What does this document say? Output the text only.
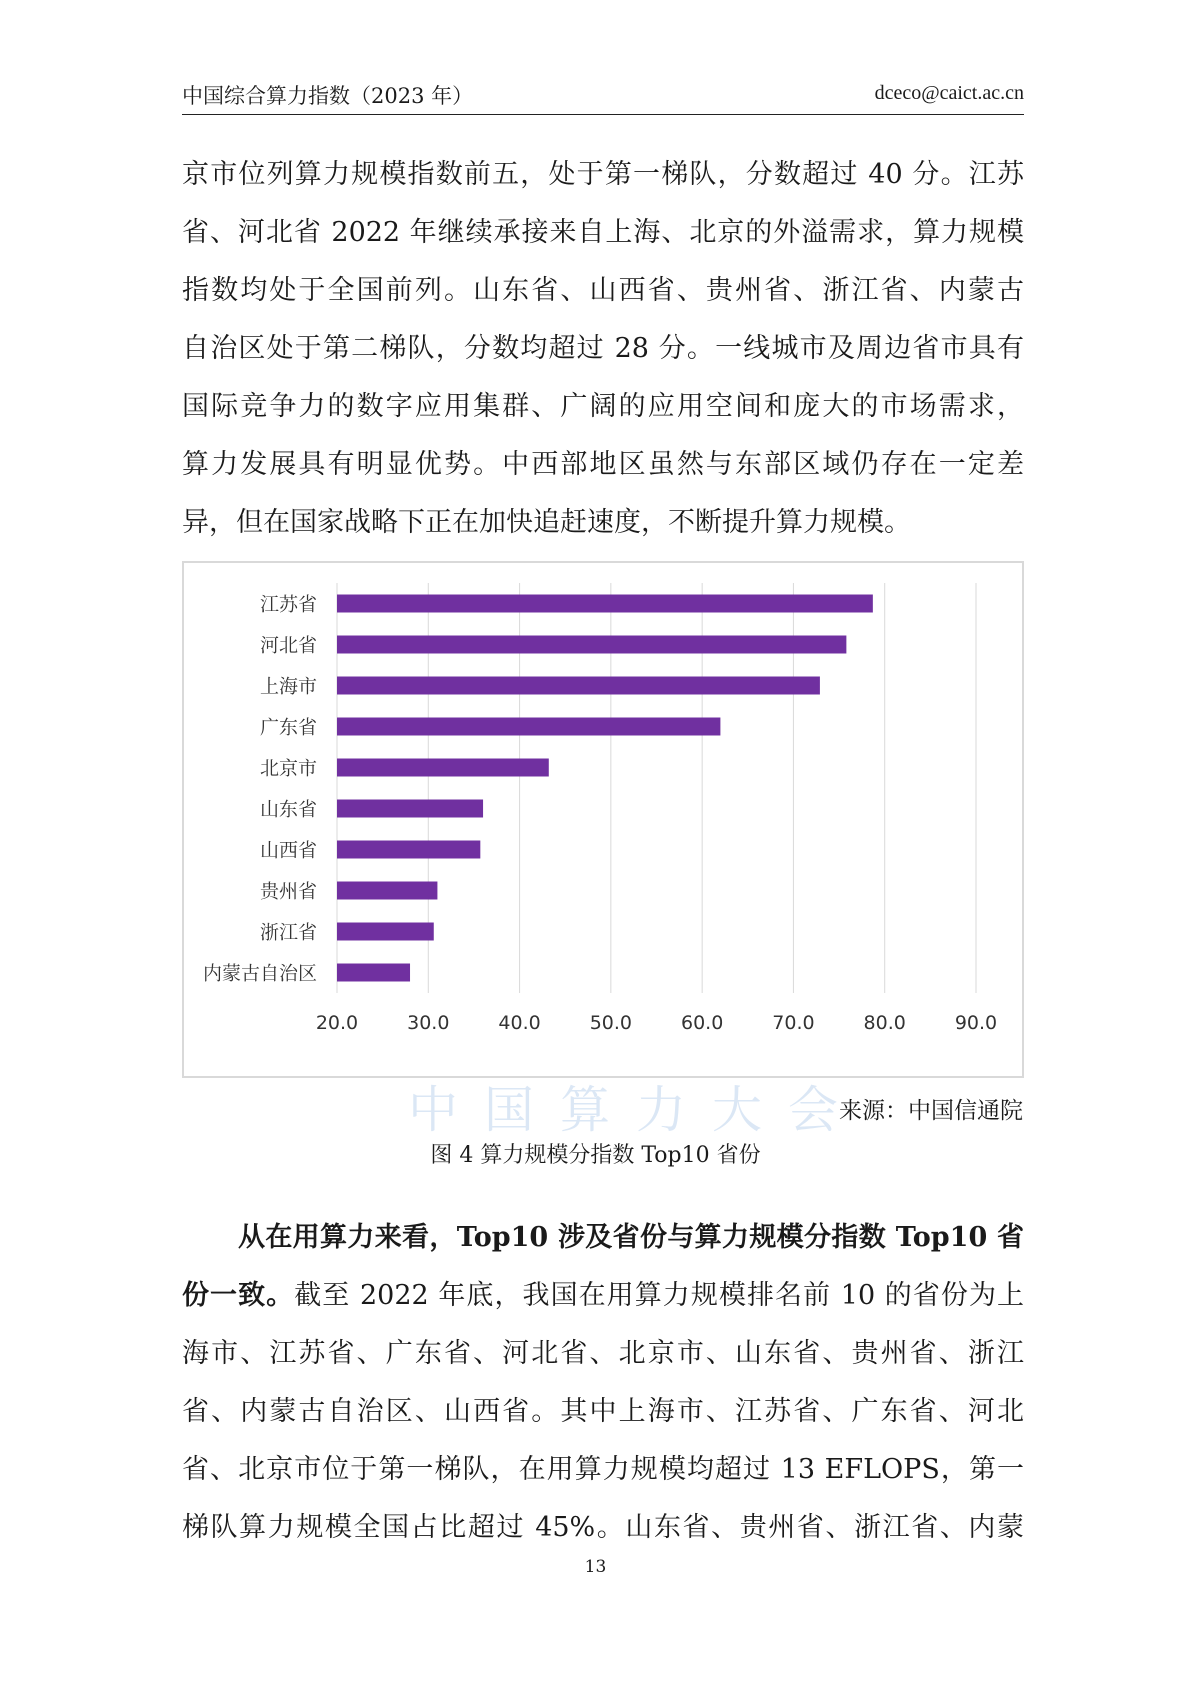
中国综合算力指数（2023 年）	dceco@caict.ac.cn
京市位列算力规模指数前五，处于第一梯队，分数超过 40 分。江苏
省、河北省 2022 年继续承接来自上海、北京的外溢需求，算力规模
指数均处于全国前列。山东省、山西省、贵州省、浙江省、内蒙古
自治区处于第二梯队，分数均超过 28 分。一线城市及周边省市具有
国际竞争力的数字应用集群、广阔的应用空间和庞大的市场需求，
算力发展具有明显优势。中西部地区虽然与东部区域仍存在一定差
异，但在国家战略下正在加快追赶速度，不断提升算力规模。
20.0	30.0	40.0	50.0	60.0	70.0	80.0	90.0
江苏省
河北省
上海市
广东省
北京市
山东省
山西省
贵州省
浙江省
内蒙古自治区
中国算力大会
来源：中国信通院
图 4 算力规模分指数 Top10 省份
从在用算力来看，Top10 涉及省份与算力规模分指数 Top10 省
份一致。截至 2022 年底，我国在用算力规模排名前 10 的省份为上
海市、江苏省、广东省、河北省、北京市、山东省、贵州省、浙江
省、内蒙古自治区、山西省。其中上海市、江苏省、广东省、河北
省、北京市位于第一梯队，在用算力规模均超过 13 EFLOPS，第一
梯队算力规模全国占比超过 45%。山东省、贵州省、浙江省、内蒙
13
